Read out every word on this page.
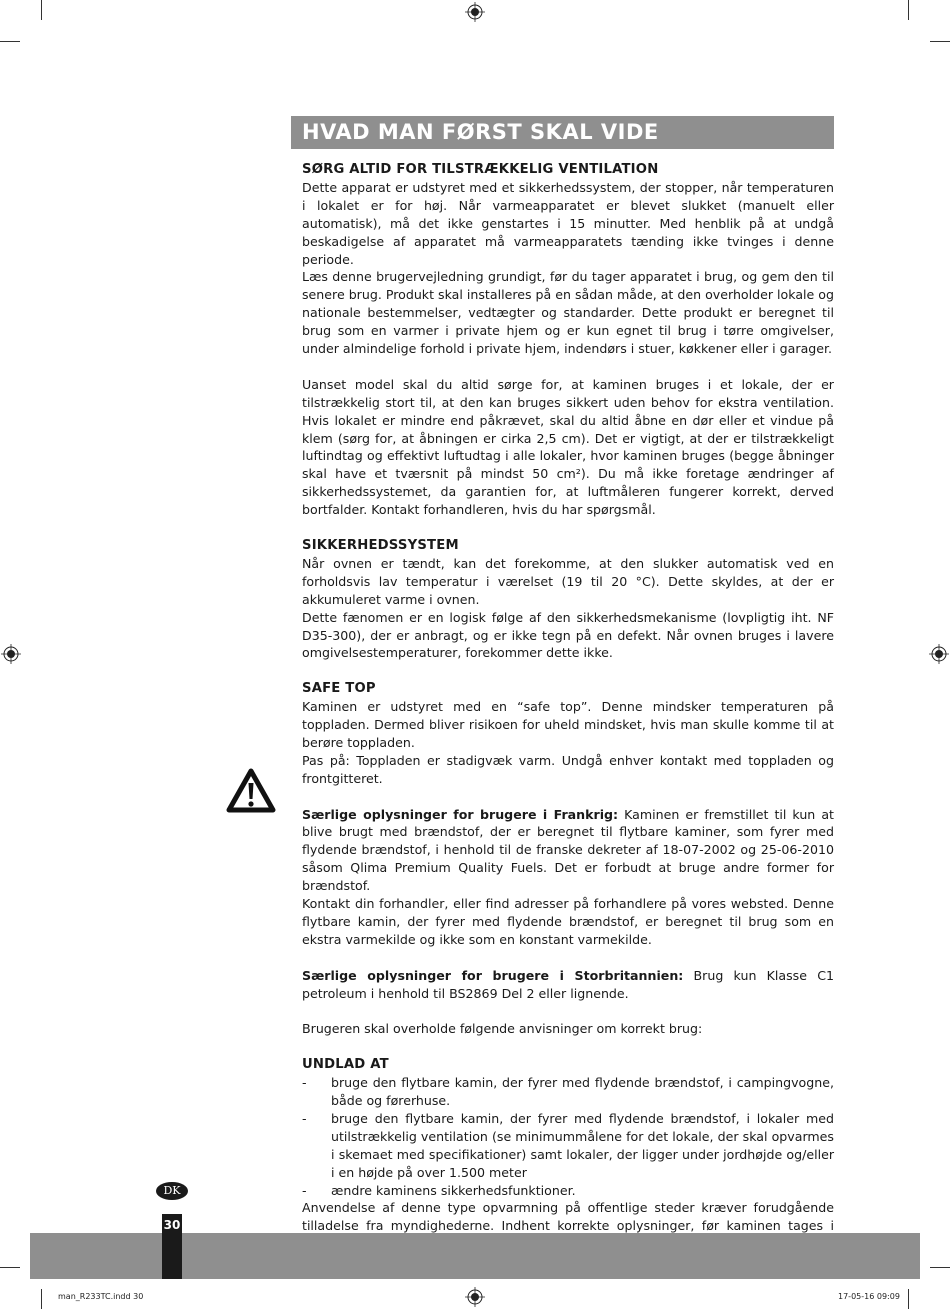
HVAD MAN FØRST SKAL VIDE
SØRG ALTID FOR TILSTRÆKKELIG VENTILATION

Dette apparat er udstyret med et sikkerhedssystem, der stopper, når temperaturen i lokalet er for høj. Når varmeapparatet er blevet slukket (manuelt eller automatisk), må det ikke genstartes i 15 minutter. Med henblik på at undgå beskadigelse af apparatet må varmeapparatets tænding ikke tvinges i denne periode.

Læs denne brugervejledning grundigt, før du tager apparatet i brug, og gem den til senere brug. Produkt skal installeres på en sådan måde, at den overholder lokale og nationale bestemmelser, vedtægter og standarder. Dette produkt er beregnet til brug som en varmer i private hjem og er kun egnet til brug i tørre omgivelser, under almindelige forhold i private hjem, indendørs i stuer, køkkener eller i garager.

Uanset model skal du altid sørge for, at kaminen bruges i et lokale, der er tilstrækkelig stort til, at den kan bruges sikkert uden behov for ekstra ventilation. Hvis lokalet er mindre end påkrævet, skal du altid åbne en dør eller et vindue på klem (sørg for, at åbningen er cirka 2,5 cm). Det er vigtigt, at der er tilstrækkeligt luftindtag og effektivt luftudtag i alle lokaler, hvor kaminen bruges (begge åbninger skal have et tværsnit på mindst 50 cm²). Du må ikke foretage ændringer af sikkerhedssystemet, da garantien for, at luftmåleren fungerer korrekt, derved bortfalder. Kontakt forhandleren, hvis du har spørgsmål.

SIKKERHEDSSYSTEM

Når ovnen er tændt, kan det forekomme, at den slukker automatisk ved en forholdsvis lav temperatur i værelset (19 til 20 °C). Dette skyldes, at der er akkumuleret varme i ovnen.

Dette fænomen er en logisk følge af den sikkerhedsmekanisme (lovpligtig iht. NF D35-300), der er anbragt, og er ikke tegn på en defekt. Når ovnen bruges i lavere omgivelsestemperaturer, forekommer dette ikke.

SAFE TOP

Kaminen er udstyret med en “safe top”. Denne mindsker temperaturen på toppladen. Dermed bliver risikoen for uheld mindsket, hvis man skulle komme til at berøre toppladen.

Pas på: Toppladen er stadigvæk varm. Undgå enhver kontakt med toppladen og frontgitteret.

Særlige oplysninger for brugere i Frankrig: Kaminen er fremstillet til kun at blive brugt med brændstof, der er beregnet til flytbare kaminer, som fyrer med flydende brændstof, i henhold til de franske dekreter af 18-07-2002 og 25-06-2010 såsom Qlima Premium Quality Fuels. Det er forbudt at bruge andre former for brændstof.

Kontakt din forhandler, eller find adresser på forhandlere på vores websted. Denne flytbare kamin, der fyrer med flydende brændstof, er beregnet til brug som en ekstra varmekilde og ikke som en konstant varmekilde.

Særlige oplysninger for brugere i Storbritannien: Brug kun Klasse C1 petroleum i henhold til BS2869 Del 2 eller lignende.

Brugeren skal overholde følgende anvisninger om korrekt brug:

UNDLAD AT
-	bruge den flytbare kamin, der fyrer med flydende brændstof, i campingvogne, både og førerhuse.
-	bruge den flytbare kamin, der fyrer med flydende brændstof, i lokaler med utilstrækkelig ventilation (se minimummålene for det lokale, der skal opvarmes i skemaet med specifikationer) samt lokaler, der ligger under jordhøjde og/eller i en højde på over 1.500 meter
-	ændre kaminens sikkerhedsfunktioner.

Anvendelse af denne type opvarmning på offentlige steder kræver forudgående tilladelse fra myndighederne. Indhent korrekte oplysninger, før kaminen tages i

DK
30
man_R233TC.indd 30	17-05-16 09:09
